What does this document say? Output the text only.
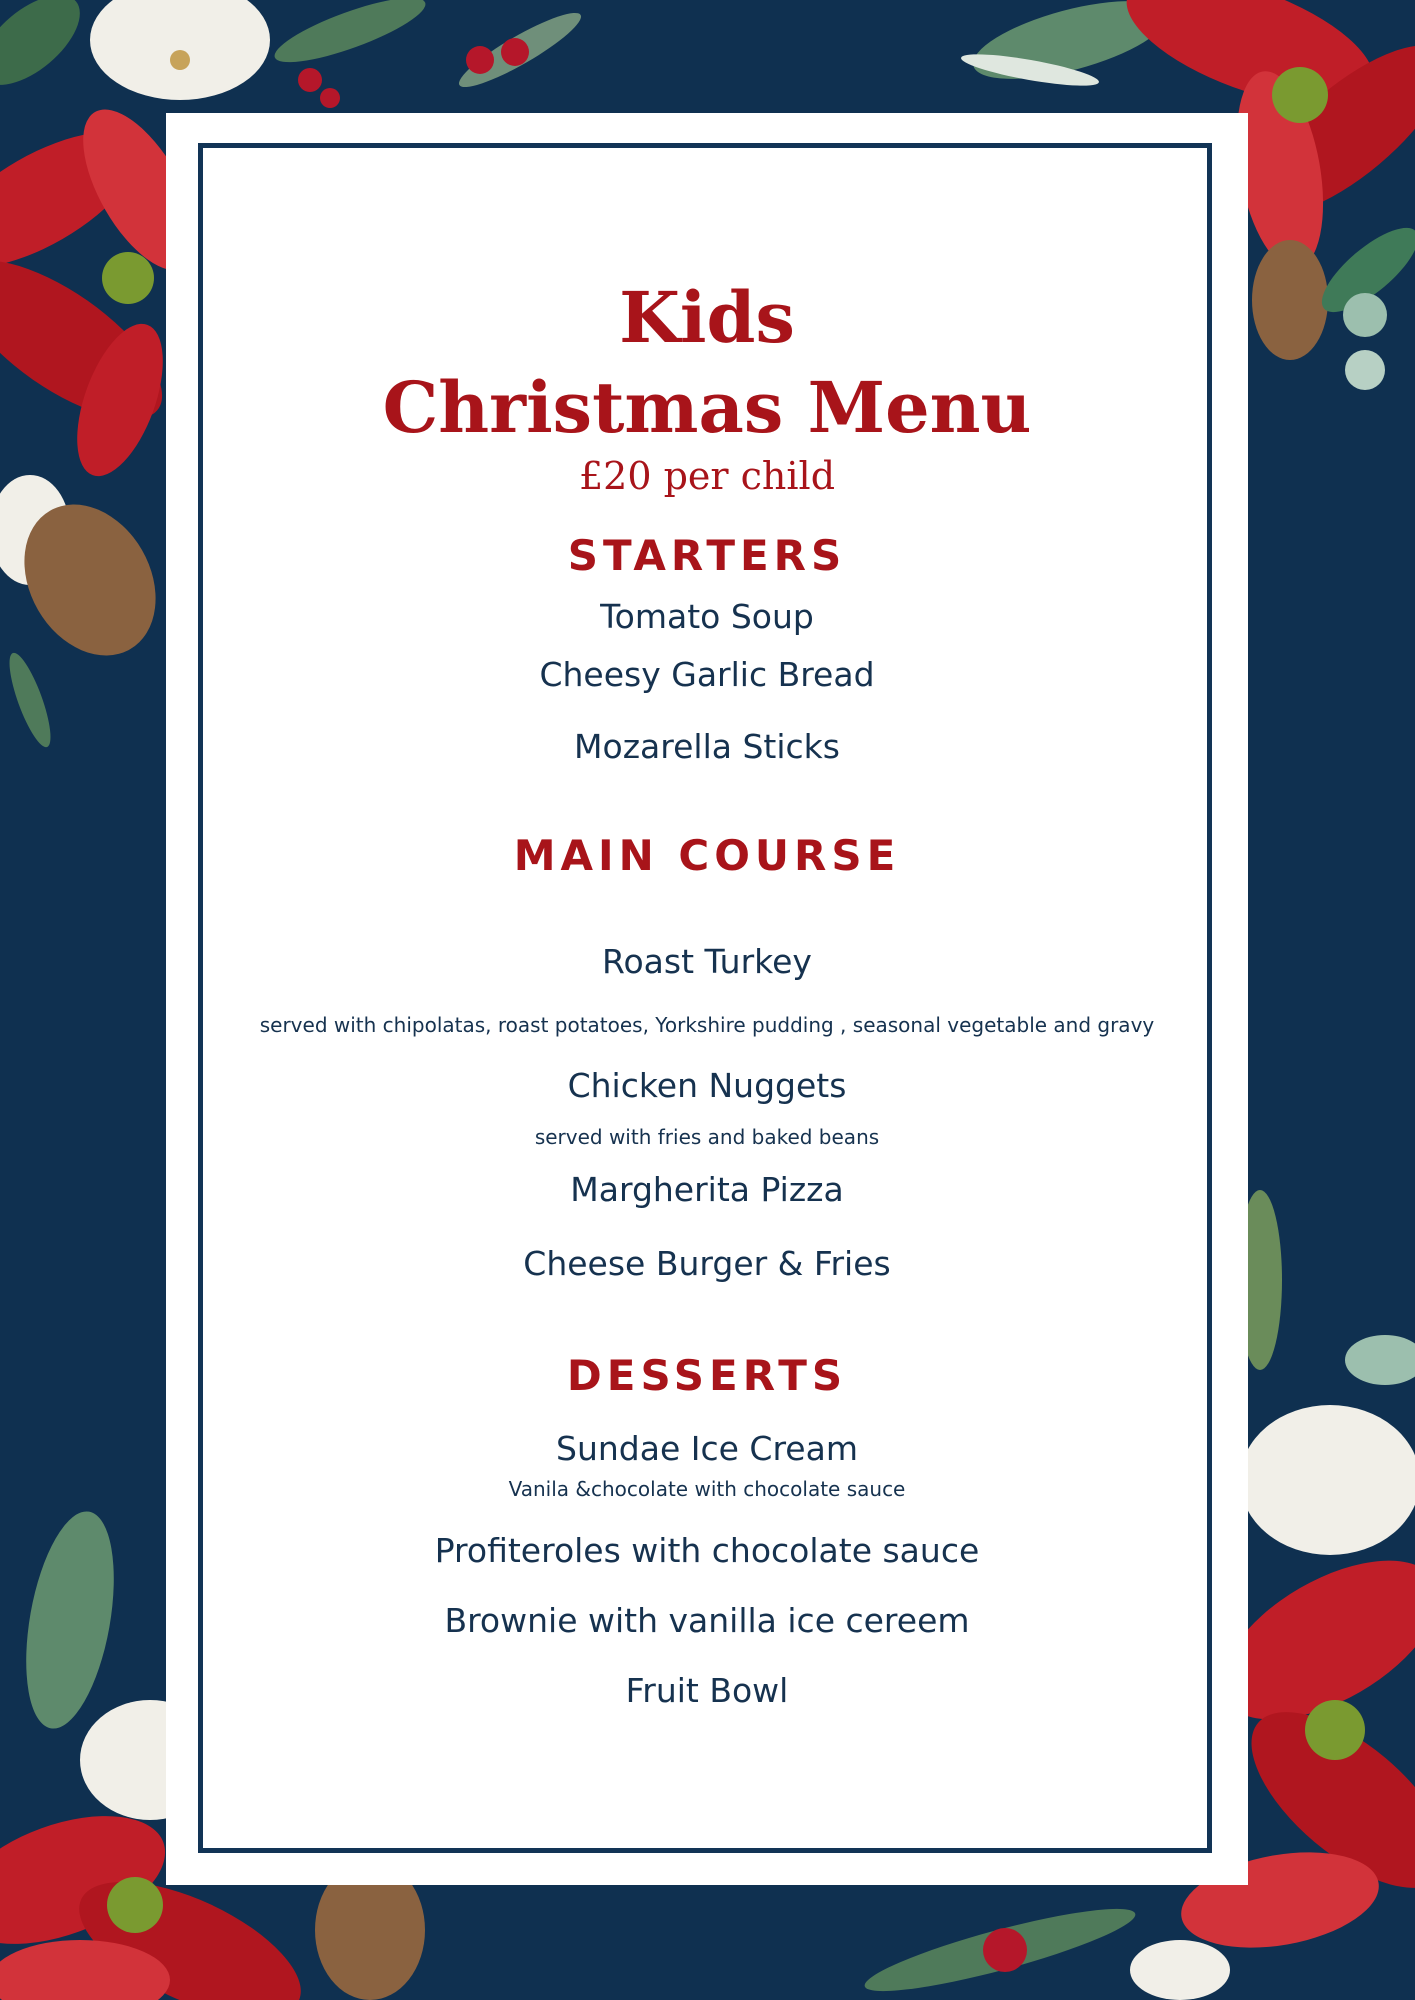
Kids
Christmas Menu

£20 per child

STARTERS

Tomato Soup

Cheesy Garlic Bread

Mozarella Sticks

MAIN COURSE

Roast Turkey

served with chipolatas, roast potatoes, Yorkshire pudding , seasonal vegetable and gravy

Chicken Nuggets

served with fries and baked beans

Margherita Pizza

Cheese Burger & Fries

DESSERTS

Sundae Ice Cream

Vanila &chocolate with chocolate sauce

Profiteroles with chocolate sauce

Brownie with vanilla ice cereem

Fruit Bowl
